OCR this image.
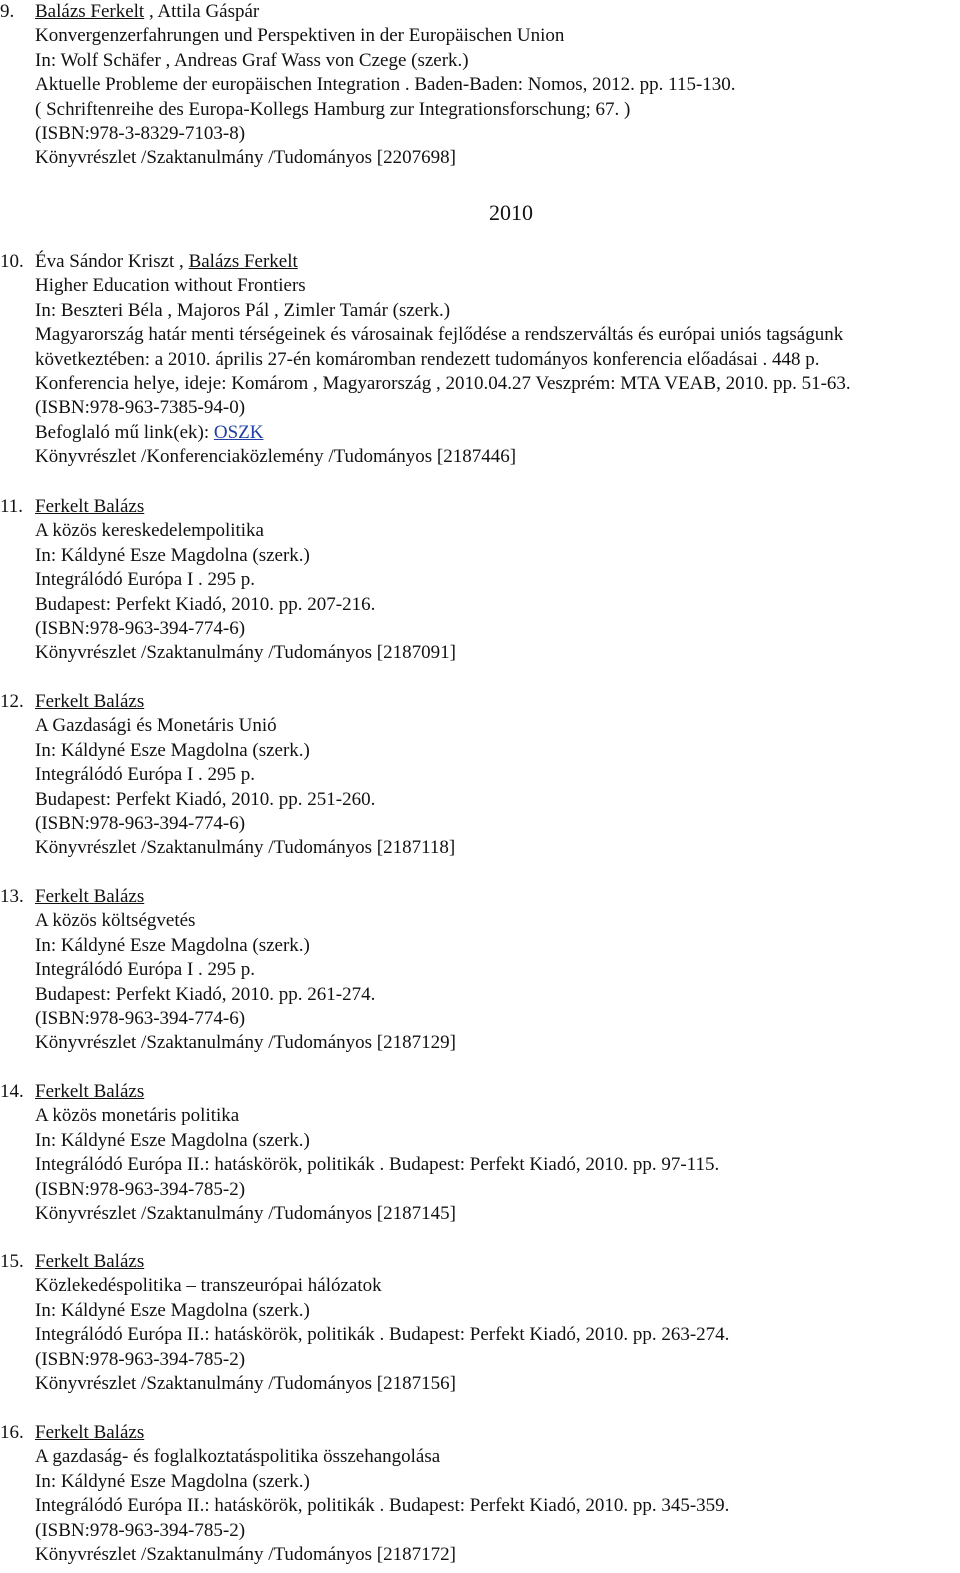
9. Balázs Ferkelt , Attila Gáspár
Konvergenzerfahrungen und Perspektiven in der Europäischen Union
In: Wolf Schäfer , Andreas Graf Wass von Czege (szerk.)
Aktuelle Probleme der europäischen Integration . Baden-Baden: Nomos, 2012. pp. 115-130.
( Schriftenreihe des Europa-Kollegs Hamburg zur Integrationsforschung; 67. )
(ISBN:978-3-8329-7103-8)
Könyvrészlet /Szaktanulmány /Tudományos [2207698]
2010
10. Éva Sándor Kriszt , Balázs Ferkelt
Higher Education without Frontiers
In: Beszteri Béla , Majoros Pál , Zimler Tamár (szerk.)
Magyarország határ menti térségeinek és városainak fejlődése a rendszerváltás és európai uniós tagságunk
következtében: a 2010. április 27-én komáromban rendezett tudományos konferencia előadásai . 448 p.
Konferencia helye, ideje: Komárom , Magyarország , 2010.04.27 Veszprém: MTA VEAB, 2010. pp. 51-63.
(ISBN:978-963-7385-94-0)
Befoglaló mű link(ek): OSZK
Könyvrészlet /Konferenciaközlemény /Tudományos [2187446]
11. Ferkelt Balázs
A közös kereskedelempolitika
In: Káldyné Esze Magdolna (szerk.)
Integrálódó Európa I . 295 p.
Budapest: Perfekt Kiadó, 2010. pp. 207-216.
(ISBN:978-963-394-774-6)
Könyvrészlet /Szaktanulmány /Tudományos [2187091]
12. Ferkelt Balázs
A Gazdasági és Monetáris Unió
In: Káldyné Esze Magdolna (szerk.)
Integrálódó Európa I . 295 p.
Budapest: Perfekt Kiadó, 2010. pp. 251-260.
(ISBN:978-963-394-774-6)
Könyvrészlet /Szaktanulmány /Tudományos [2187118]
13. Ferkelt Balázs
A közös költségvetés
In: Káldyné Esze Magdolna (szerk.)
Integrálódó Európa I . 295 p.
Budapest: Perfekt Kiadó, 2010. pp. 261-274.
(ISBN:978-963-394-774-6)
Könyvrészlet /Szaktanulmány /Tudományos [2187129]
14. Ferkelt Balázs
A közös monetáris politika
In: Káldyné Esze Magdolna (szerk.)
Integrálódó Európa II.: hatáskörök, politikák . Budapest: Perfekt Kiadó, 2010. pp. 97-115.
(ISBN:978-963-394-785-2)
Könyvrészlet /Szaktanulmány /Tudományos [2187145]
15. Ferkelt Balázs
Közlekedéspolitika – transzeurópai hálózatok
In: Káldyné Esze Magdolna (szerk.)
Integrálódó Európa II.: hatáskörök, politikák . Budapest: Perfekt Kiadó, 2010. pp. 263-274.
(ISBN:978-963-394-785-2)
Könyvrészlet /Szaktanulmány /Tudományos [2187156]
16. Ferkelt Balázs
A gazdaság- és foglalkoztatáspolitika összehangolása
In: Káldyné Esze Magdolna (szerk.)
Integrálódó Európa II.: hatáskörök, politikák . Budapest: Perfekt Kiadó, 2010. pp. 345-359.
(ISBN:978-963-394-785-2)
Könyvrészlet /Szaktanulmány /Tudományos [2187172]
